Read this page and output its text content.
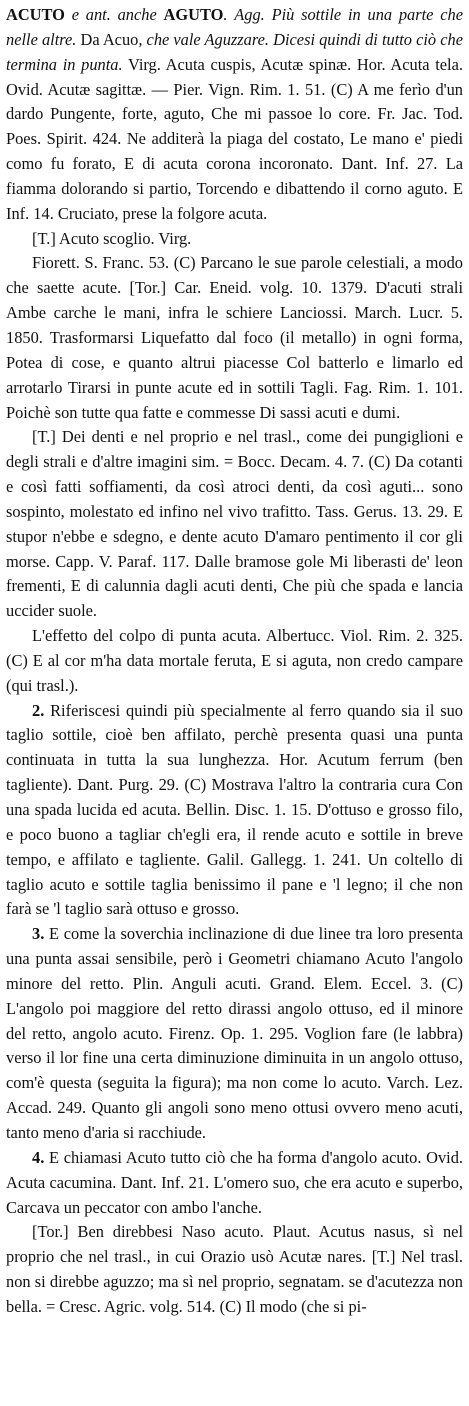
ACUTO e ant. anche AGUTO. Agg. Più sottile in una parte che nelle altre. Da Acuo, che vale Aguzzare. Dicesi quindi di tutto ciò che termina in punta. Virg. Acuta cuspis, Acutæ spinæ. Hor. Acuta tela. Ovid. Acutæ sagittæ. — Pier. Vign. Rim. 1. 51. (C) A me ferìo d'un dardo Pungente, forte, aguto, Che mi passoe lo core. Fr. Jac. Tod. Poes. Spirit. 424. Ne additerà la piaga del costato, Le mano e' piedi como fu forato, E di acuta corona incoronato. Dant. Inf. 27. La fiamma dolorando si partio, Torcendo e dibattendo il corno aguto. E Inf. 14. Cruciato, prese la folgore acuta.

[T.] Acuto scoglio. Virg.

Fiorett. S. Franc. 53. (C) Parcano le sue parole celestiali, a modo che saette acute. [Tor.] Car. Eneid. volg. 10. 1379. D'acuti strali Ambe carche le mani, infra le schiere Lanciossi. March. Lucr. 5. 1850. Trasformarsi Liquefatto dal foco (il metallo) in ogni forma, Potea di cose, e quanto altrui piacesse Col batterlo e limarlo ed arrotarlo Tirarsi in punte acute ed in sottili Tagli. Fag. Rim. 1. 101. Poichè son tutte qua fatte e commesse Di sassi acuti e dumi.

[T.] Dei denti e nel proprio e nel trasl., come dei pungiglioni e degli strali e d'altre imagini sim. = Bocc. Decam. 4. 7. (C) Da cotanti e così fatti soffiamenti, da così atroci denti, da così aguti... sono sospinto, molestato ed infino nel vivo trafitto. Tass. Gerus. 13. 29. E stupor n'ebbe e sdegno, e dente acuto D'amaro pentimento il cor gli morse. Capp. V. Paraf. 117. Dalle bramose gole Mi liberasti de' leon frementi, E di calunnia dagli acuti denti, Che più che spada e lancia uccider suole.

L'effetto del colpo di punta acuta. Albertucc. Viol. Rim. 2. 325. (C) E al cor m'ha data mortale feruta, E si aguta, non credo campare (qui trasl.).

2. Riferiscesi quindi più specialmente al ferro quando sia il suo taglio sottile, cioè ben affilato, perchè presenta quasi una punta continuata in tutta la sua lunghezza. Hor. Acutum ferrum (ben tagliente). Dant. Purg. 29. (C) Mostrava l'altro la contraria cura Con una spada lucida ed acuta. Bellin. Disc. 1. 15. D'ottuso e grosso filo, e poco buono a tagliar ch'egli era, il rende acuto e sottile in breve tempo, e affilato e tagliente. Galil. Gallegg. 1. 241. Un coltello di taglio acuto e sottile taglia benissimo il pane e 'l legno; il che non farà se 'l taglio sarà ottuso e grosso.

3. E come la soverchia inclinazione di due linee tra loro presenta una punta assai sensibile, però i Geometri chiamano Acuto l'angolo minore del retto. Plin. Anguli acuti. Grand. Elem. Eccel. 3. (C) L'angolo poi maggiore del retto dirassi angolo ottuso, ed il minore del retto, angolo acuto. Firenz. Op. 1. 295. Voglion fare (le labbra) verso il lor fine una certa diminuzione diminuita in un angolo ottuso, com'è questa (seguita la figura); ma non come lo acuto. Varch. Lez. Accad. 249. Quanto gli angoli sono meno ottusi ovvero meno acuti, tanto meno d'aria si racchiude.

4. E chiamasi Acuto tutto ciò che ha forma d'angolo acuto. Ovid. Acuta cacumina. Dant. Inf. 21. L'omero suo, che era acuto e superbo, Carcava un peccator con ambo l'anche.

[Tor.] Ben direbbesi Naso acuto. Plaut. Acutus nasus, sì nel proprio che nel trasl., in cui Orazio usò Acutæ nares. [T.] Nel trasl. non si direbbe aguzzo; ma sì nel proprio, segnatam. se d'acutezza non bella. = Cresc. Agric. volg. 514. (C) Il modo (che si pi-
